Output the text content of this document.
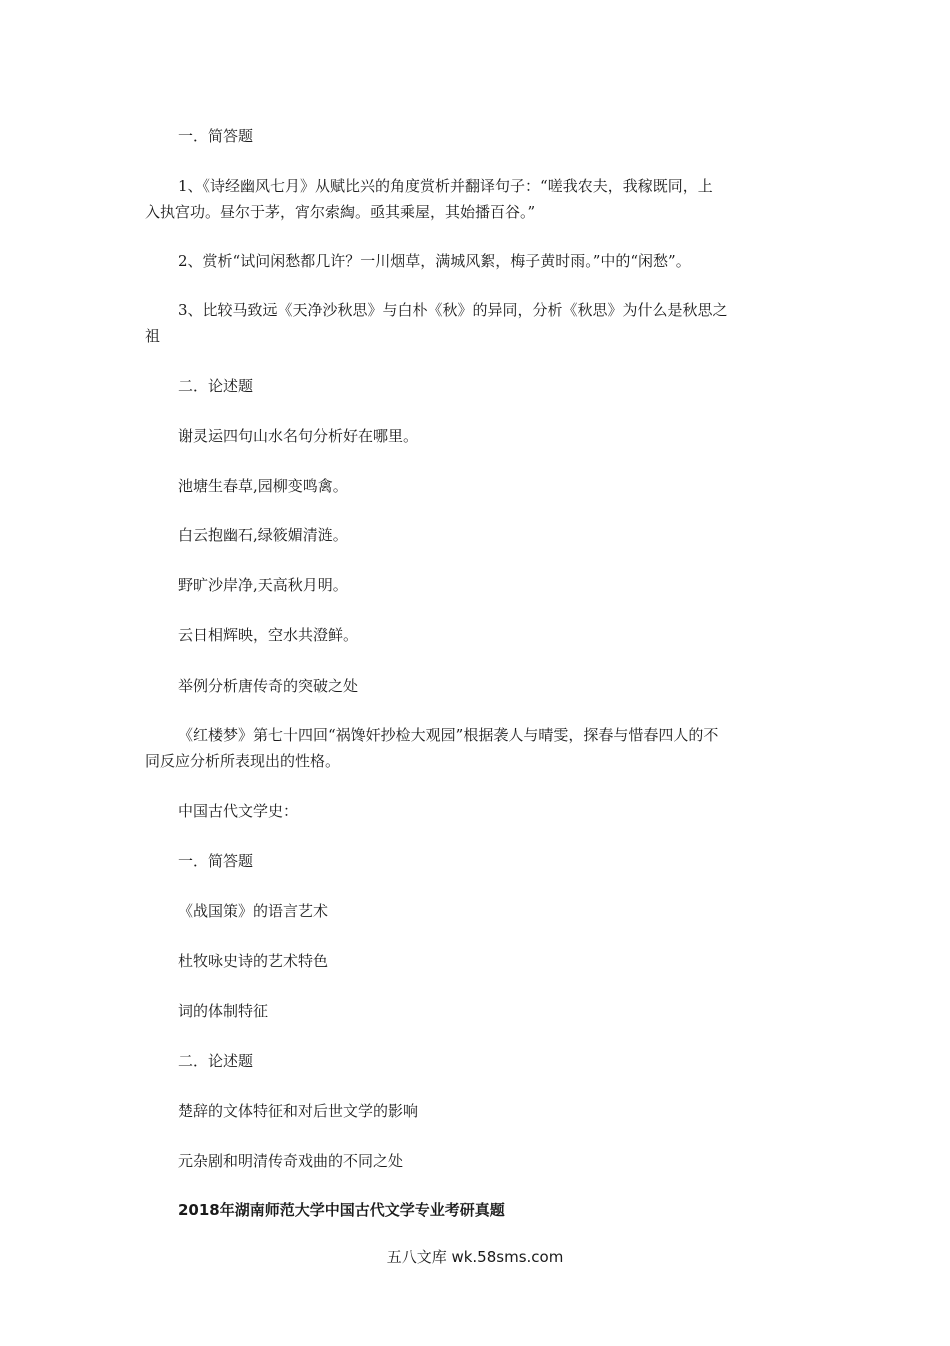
一．简答题
1、《诗经幽风七月》从赋比兴的角度赏析并翻译句子：“嗟我农夫，我稼既同，上
入执宫功。昼尔于茅，宵尔索綯。亟其乘屋，其始播百谷。”
2、赏析“试问闲愁都几许？一川烟草，满城风絮，梅子黄时雨。”中的“闲愁”。
3、比较马致远《天净沙秋思》与白朴《秋》的异同，分析《秋思》为什么是秋思之
祖
二．论述题
谢灵运四句山水名句分析好在哪里。
池塘生春草,园柳变鸣禽。
白云抱幽石,绿筱媚清涟。
野旷沙岸净,天高秋月明。
云日相辉映，空水共澄鲜。
举例分析唐传奇的突破之处
《红楼梦》第七十四回“祸馋奸抄检大观园”根据袭人与晴雯，探春与惜春四人的不
同反应分析所表现出的性格。
中国古代文学史：
一．简答题
《战国策》的语言艺术
杜牧咏史诗的艺术特色
词的体制特征
二．论述题
楚辞的文体特征和对后世文学的影响
元杂剧和明清传奇戏曲的不同之处
2018年湖南师范大学中国古代文学专业考研真题
五八文库 wk.58sms.com
